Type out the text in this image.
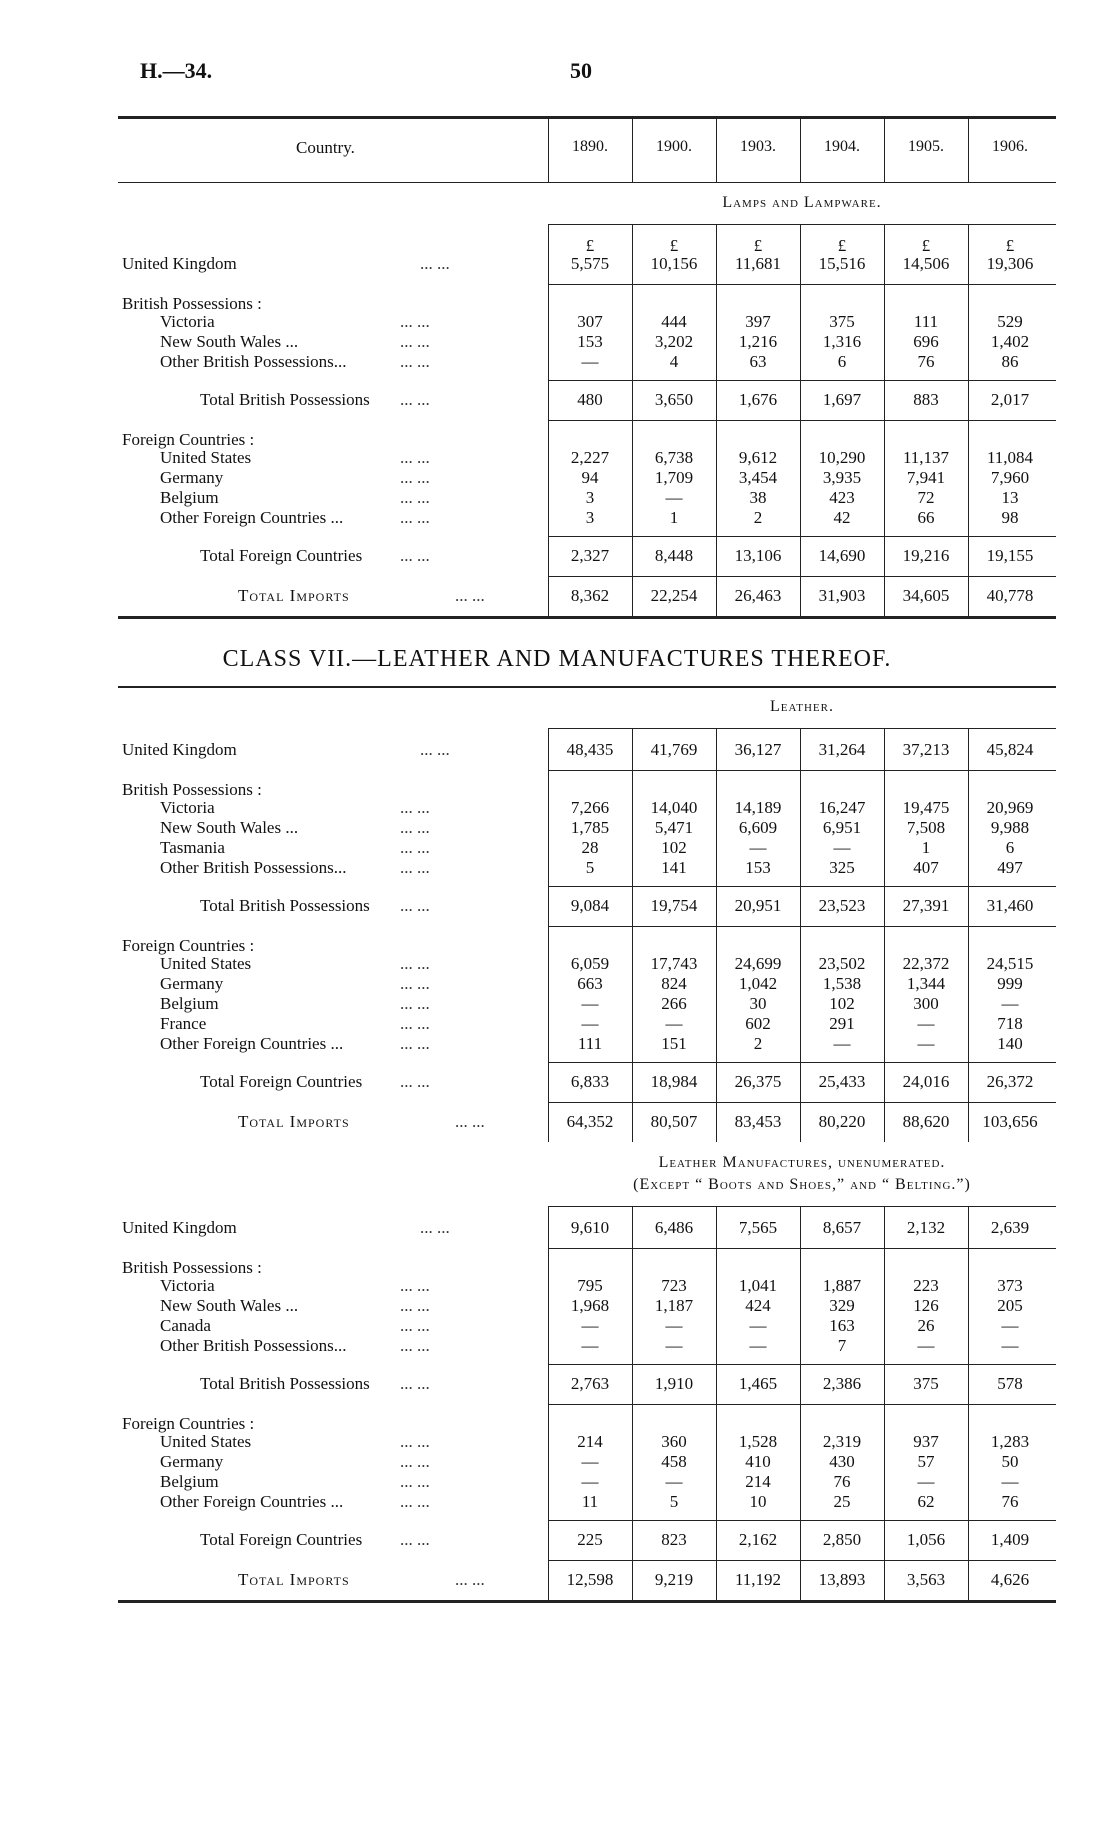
H.—34.	50
Country.	1890.	1900.	1903.	1904.	1905.	1906.
Lamps and Lampware.
£	£	£	£	£	£
United Kingdom	... ...	5,575	10,156	11,681	15,516	14,506	19,306
British Possessions :
Victoria	... ...	307	444	397	375	111	529
New South Wales ...	... ...	153	3,202	1,216	1,316	696	1,402
Other British Possessions...	... ...	—	4	63	6	76	86
Total British Possessions ... ...	480	3,650	1,676	1,697	883	2,017
Foreign Countries :
United States	... ...	2,227	6,738	9,612	10,290	11,137	11,084
Germany	... ...	94	1,709	3,454	3,935	7,941	7,960
Belgium	... ...	3	—	38	423	72	13
Other Foreign Countries ...	... ...	3	1	2	42	66	98
Total Foreign Countries ... ...	2,327	8,448	13,106	14,690	19,216	19,155
Total Imports	... ...	8,362	22,254	26,463	31,903	34,605	40,778
CLASS VII.—LEATHER AND MANUFACTURES THEREOF.
Leather.
United Kingdom	... ...	48,435	41,769	36,127	31,264	37,213	45,824
British Possessions :
Victoria	... ...	7,266	14,040	14,189	16,247	19,475	20,969
New South Wales ...	... ...	1,785	5,471	6,609	6,951	7,508	9,988
Tasmania	... ...	28	102	—	—	1	6
Other British Possessions...	... ...	5	141	153	325	407	497
Total British Possessions ... ...	9,084	19,754	20,951	23,523	27,391	31,460
Foreign Countries :
United States	... ...	6,059	17,743	24,699	23,502	22,372	24,515
Germany	... ...	663	824	1,042	1,538	1,344	999
Belgium	... ...	—	266	30	102	300	—
France	... ...	—	—	602	291	—	718
Other Foreign Countries ...	... ...	111	151	2	—	—	140
Total Foreign Countries ... ...	6,833	18,984	26,375	25,433	24,016	26,372
Total Imports	... ...	64,352	80,507	83,453	80,220	88,620	103,656
Leather Manufactures, unenumerated.
(Except “ Boots and Shoes,” and “ Belting.”)
United Kingdom	... ...	9,610	6,486	7,565	8,657	2,132	2,639
British Possessions :
Victoria	... ...	795	723	1,041	1,887	223	373
New South Wales ...	... ...	1,968	1,187	424	329	126	205
Canada	... ...	—	—	—	163	26	—
Other British Possessions...	... ...	—	—	—	7	—	—
Total British Possessions ... ...	2,763	1,910	1,465	2,386	375	578
Foreign Countries :
United States	... ...	214	360	1,528	2,319	937	1,283
Germany	... ...	—	458	410	430	57	50
Belgium	... ...	—	—	214	76	—	—
Other Foreign Countries ...	... ...	11	5	10	25	62	76
Total Foreign Countries ... ...	225	823	2,162	2,850	1,056	1,409
Total Imports	... ...	12,598	9,219	11,192	13,893	3,563	4,626
